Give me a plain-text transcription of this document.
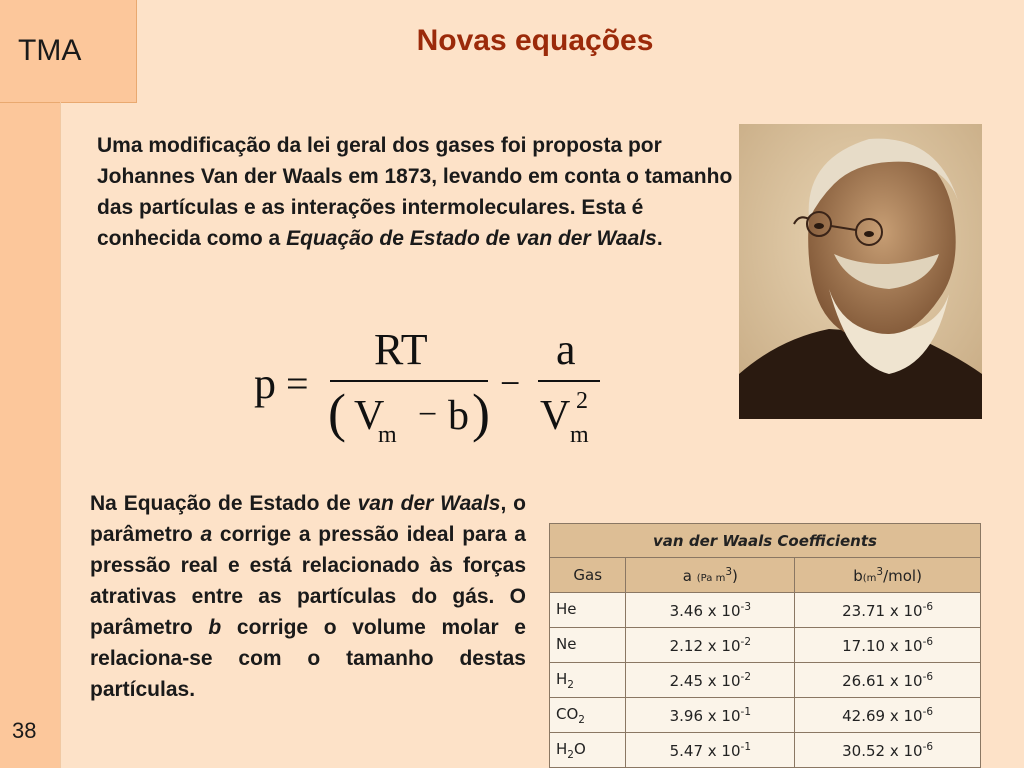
TMA	Novas equações
Uma modificação da lei geral dos gases foi proposta por Johannes Van der Waals em 1873, levando em conta o tamanho das partículas e as interações intermoleculares. Esta é conhecida como a Equação de Estado de van der Waals.
p =
RT
( V
m
− b ) −
a
V 2
m
Na Equação de Estado de van der Waals, o parâmetro a corrige a pressão ideal para a pressão real e está relacionado às forças atrativas entre as partículas do gás. O parâmetro b corrige o volume molar e relaciona-se com o tamanho destas partículas.
van der Waals Coefficients		
Gas	a (Pa $m^3$)	$b(m^3/mol)$
He	3.46 x $10^{-3}$	23.71 x $10^{-6}$
Ne	2.12 x $10^{-2}$	17.10 x $10^{-6}$
$H_2$	2.45 x $10^{-2}$	26.61 x $10^{-6}$
$CO_2$	3.96 x $10^{-1}$	42.69 x $10^{-6}$
$H_2O$	5.47 x $10^{-1}$	30.52 x $10^{-6}$
38
